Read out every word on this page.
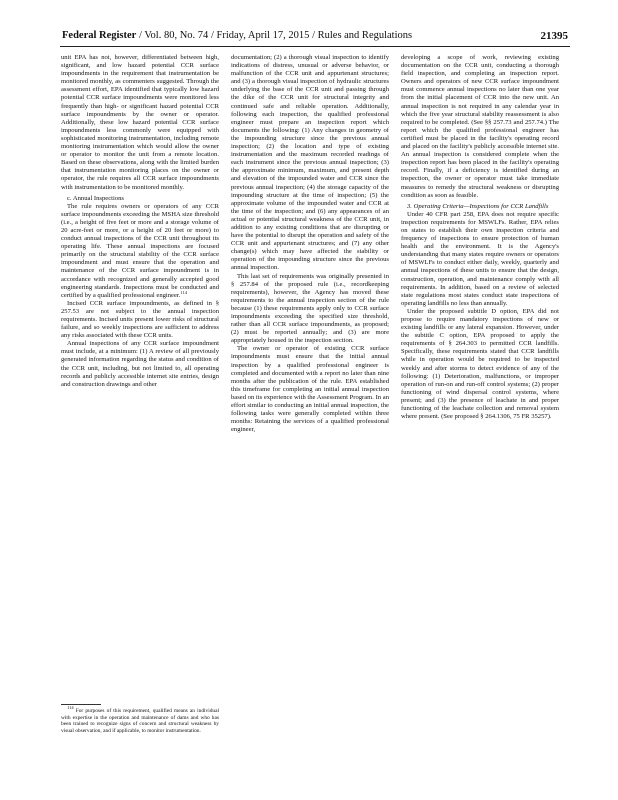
Federal Register / Vol. 80, No. 74 / Friday, April 17, 2015 / Rules and Regulations	21395

unit EPA has not, however, differentiated between high, significant, and low hazard potential CCR surface impoundments in the requirement that instrumentation be monitored monthly, as commenters suggested. Through the assessment effort, EPA identified that typically low hazard potential CCR surface impoundments were monitored less frequently than high- or significant hazard potential CCR surface impoundments by the owner or operator. Additionally, these low hazard potential CCR surface impoundments less commonly were equipped with sophisticated monitoring instrumentation, including remote monitoring instrumentation which would allow the owner or operator to monitor the unit from a remote location. Based on these observations, along with the limited burden that instrumentation monitoring places on the owner or operator, the rule requires all CCR surface impoundments with instrumentation to be monitored monthly.

c. Annual Inspections

The rule requires owners or operators of any CCR surface impoundments exceeding the MSHA size threshold (i.e., a height of five feet or more and a storage volume of 20 acre-feet or more, or a height of 20 feet or more) to conduct annual inspections of the CCR unit throughout its operating life. These annual inspections are focused primarily on the structural stability of the CCR surface impoundment and must ensure that the operation and maintenance of the CCR surface impoundment is in accordance with recognized and generally accepted good engineering standards. Inspections must be conducted and certified by a qualified professional engineer.$^{114}$

Incised CCR surface impoundments, as defined in § 257.53 are not subject to the annual inspection requirements. Incised units present lower risks of structural failure, and so weekly inspections are sufficient to address any risks associated with these CCR units.

Annual inspections of any CCR surface impoundment must include, at a minimum: (1) A review of all previously generated information regarding the status and condition of the CCR unit, including, but not limited to, all operating records and publicly accessible internet site entries, design and construction drawings and other

$^{114}$ For purposes of this requirement, qualified means an individual with expertise in the operation and maintenance of dams and who has been trained to recognize signs of concern and structural weakness by visual observation, and if applicable, to monitor instrumentation.

documentation; (2) a thorough visual inspection to identify indications of distress, unusual or adverse behavior, or malfunction of the CCR unit and appurtenant structures; and (3) a thorough visual inspection of hydraulic structures underlying the base of the CCR unit and passing through the dike of the CCR unit for structural integrity and continued safe and reliable operation. Additionally, following each inspection, the qualified professional engineer must prepare an inspection report which documents the following: (1) Any changes in geometry of the impounding structure since the previous annual inspection; (2) the location and type of existing instrumentation and the maximum recorded readings of each instrument since the previous annual inspection; (3) the approximate minimum, maximum, and present depth and elevation of the impounded water and CCR since the previous annual inspection; (4) the storage capacity of the impounding structure at the time of inspection; (5) the approximate volume of the impounded water and CCR at the time of the inspection; and (6) any appearances of an actual or potential structural weakness of the CCR unit, in addition to any existing conditions that are disrupting or have the potential to disrupt the operation and safety of the CCR unit and appurtenant structures; and (7) any other change(s) which may have affected the stability or operation of the impounding structure since the previous annual inspection.

This last set of requirements was originally presented in § 257.84 of the proposed rule (i.e., recordkeeping requirements), however, the Agency has moved these requirements to the annual inspection section of the rule because (1) these requirements apply only to CCR surface impoundments exceeding the specified size threshold, rather than all CCR surface impoundments, as proposed; (2) must be reported annually; and (3) are more appropriately housed in the inspection section.

The owner or operator of existing CCR surface impoundments must ensure that the initial annual inspection by a qualified professional engineer is completed and documented with a report no later than nine months after the publication of the rule. EPA established this timeframe for completing an initial annual inspection based on its experience with the Assessment Program. In an effort similar to conducting an initial annual inspection, the following tasks were generally completed within three months: Retaining the services of a qualified professional engineer,

developing a scope of work, reviewing existing documentation on the CCR unit, conducting a thorough field inspection, and completing an inspection report. Owners and operators of new CCR surface impoundment must commence annual inspections no later than one year from the initial placement of CCR into the new unit. An annual inspection is not required in any calendar year in which the five year structural stability reassessment is also required to be completed. (See §§ 257.73 and 257.74.) The report which the qualified professional engineer has certified must be placed in the facility's operating record and placed on the facility's publicly accessible internet site. An annual inspection is considered complete when the inspection report has been placed in the facility's operating record. Finally, if a deficiency is identified during an inspection, the owner or operator must take immediate measures to remedy the structural weakness or disrupting condition as soon as feasible.

3. Operating Criteria—Inspections for CCR Landfills

Under 40 CFR part 258, EPA does not require specific inspection requirements for MSWLFs. Rather, EPA relies on states to establish their own inspection criteria and frequency of inspections to ensure protection of human health and the environment. It is the Agency's understanding that many states require owners or operators of MSWLFs to conduct either daily, weekly, quarterly and annual inspections of these units to ensure that the design, construction, operation, and maintenance comply with all requirements. In addition, based on a review of selected state regulations most states conduct state inspections of operating landfills no less than annually.

Under the proposed subtitle D option, EPA did not propose to require mandatory inspections of new or existing landfills or any lateral expansion. However, under the subtitle C option, EPA proposed to apply the requirements of § 264.303 to permitted CCR landfills. Specifically, these requirements stated that CCR landfills while in operation would be required to be inspected weekly and after storms to detect evidence of any of the following: (1) Deterioration, malfunctions, or improper operation of run-on and run-off control systems; (2) proper functioning of wind dispersal control systems, where present; and (3) the presence of leachate in and proper functioning of the leachate collection and removal system where present. (See proposed § 264.1306, 75 FR 35257).
